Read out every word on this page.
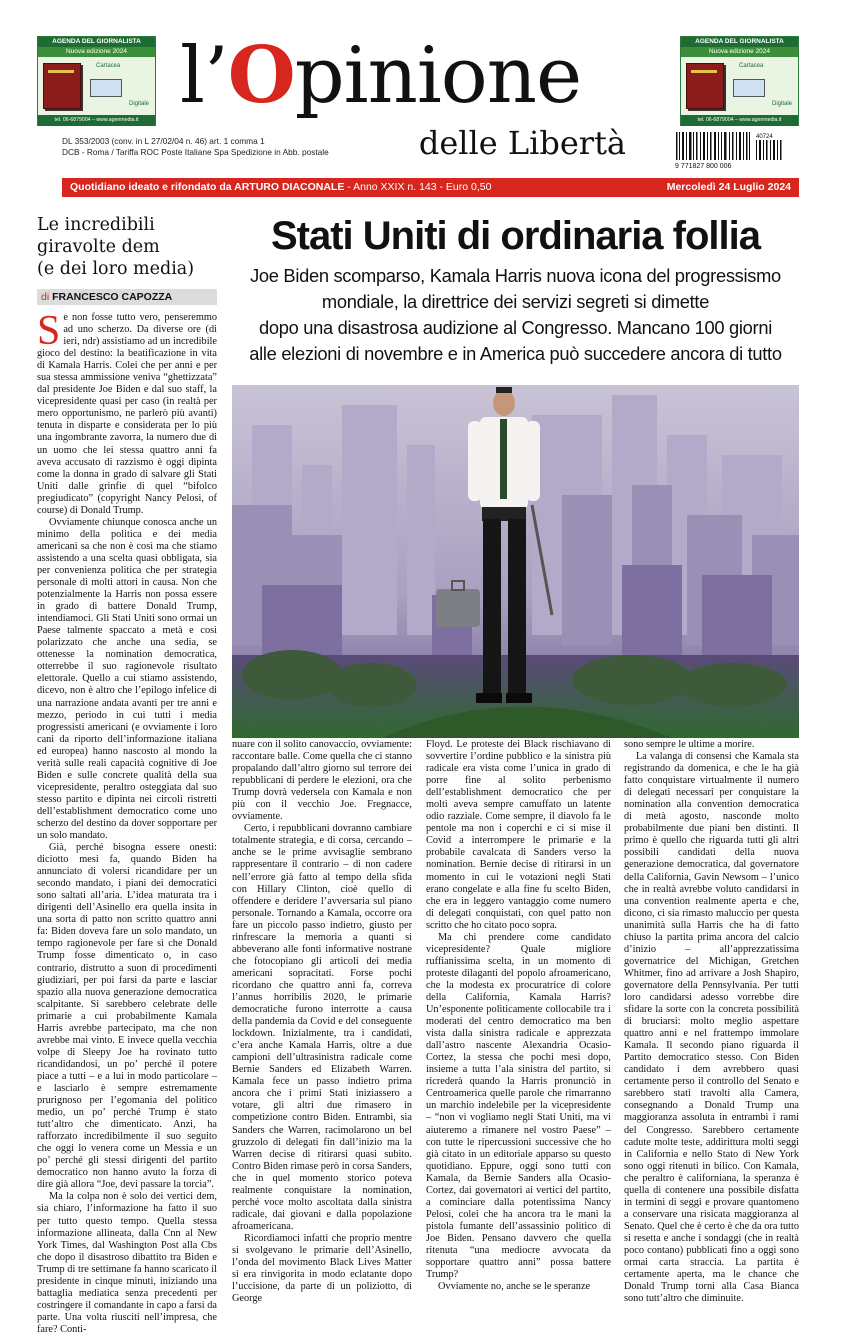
AGENDA DEL GIORNALISTA
Nuova edizione 2024
Cartacea
Digitale
tel. 06-6879004 – www.agenmedia.it
AGENDA DEL GIORNALISTA
Nuova edizione 2024
Cartacea
Digitale
tel. 06-6879004 – www.agenmedia.it
l’Opinione
delle Libertà
DL 353/2003 (conv. in L 27/02/04 n. 46) art. 1 comma 1
DCB - Roma / Tariffa ROC Poste Italiane Spa Spedizione in Abb. postale
9 771827 800 006
40724
Quotidiano ideato e rifondato da ARTURO DIACONALE - Anno XXIX n. 143 - Euro 0,50	Mercoledì 24 Luglio 2024
Le incredibili
giravolte dem
(e dei loro media)
di FRANCESCO CAPOZZA

Se non fosse tutto vero, penseremmo ad uno scherzo. Da diverse ore (di ieri, ndr) assistiamo ad un incredibile gioco del destino: la beatificazione in vita di Kamala Harris. Colei che per anni e per sua stessa ammissione veniva “ghettizzata” dal presidente Joe Biden e dal suo staff, la vicepresidente quasi per caso (in realtà per mero opportunismo, ne parlerò più avanti) tenuta in disparte e considerata per lo più una ingombrante zavorra, la numero due di un uomo che lei stessa quattro anni fa aveva accusato di razzismo è oggi dipinta come la donna in grado di salvare gli Stati Uniti dalle grinfie di quel “bifolco pregiudicato” (copyright Nancy Pelosi, of course) di Donald Trump.

Ovviamente chiunque conosca anche un minimo della politica e dei media americani sa che non è così ma che stiamo assistendo a una scelta quasi obbligata, sia per convenienza politica che per strategia personale di molti attori in causa. Non che potenzialmente la Harris non possa essere in grado di battere Donald Trump, intendiamoci. Gli Stati Uniti sono ormai un Paese talmente spaccato a metà e così polarizzato che anche una sedia, se ottenesse la nomination democratica, otterrebbe il suo ragionevole risultato elettorale. Quello a cui stiamo assistendo, dicevo, non è altro che l’epilogo infelice di una narrazione andata avanti per tre anni e mezzo, periodo in cui tutti i media progressisti americani (e ovviamente i loro cani da riporto dell’informazione italiana ed europea) hanno nascosto al mondo la verità sulle reali capacità cognitive di Joe Biden e sulle concrete qualità della sua vicepresidente, peraltro osteggiata dal suo stesso partito e dipinta nei circoli ristretti dell’establishment democratico come uno scherzo del destino da dover sopportare per un solo mandato.

Già, perché bisogna essere onesti: diciotto mesi fa, quando Biden ha annunciato di volersi ricandidare per un secondo mandato, i piani dei democratici sono saltati all’aria. L’idea maturata tra i dirigenti dell’Asinello era quella insita in una sorta di patto non scritto quattro anni fa: Biden doveva fare un solo mandato, un tempo ragionevole per fare sì che Donald Trump fosse dimenticato o, in caso contrario, distrutto a suon di procedimenti giudiziari, per poi farsi da parte e lasciar spazio alla nuova generazione democratica scalpitante. Si sarebbero celebrate delle primarie a cui probabilmente Kamala Harris avrebbe partecipato, ma che non avrebbe mai vinto. E invece quella vecchia volpe di Sleepy Joe ha rovinato tutto ricandidandosi, un po’ perché il potere piace a tutti – e a lui in modo particolare – e lasciarlo è sempre estremamente prurignoso per l’egomania del politico medio, un po’ perché Trump è stato tutt’altro che dimenticato. Anzi, ha rafforzato incredibilmente il suo seguito che oggi lo venera come un Messia e un po’ perché gli stessi dirigenti del partito democratico non hanno avuto la forza di dire già allora “Joe, devi passare la torcia”.

Ma la colpa non è solo dei vertici dem, sia chiaro, l’informazione ha fatto il suo per tutto questo tempo. Quella stessa informazione allineata, dalla Cnn al New York Times, dal Washington Post alla Cbs che dopo il disastroso dibattito tra Biden e Trump di tre settimane fa hanno scaricato il presidente in cinque minuti, iniziando una battaglia mediatica senza precedenti per costringere il comandante in capo a farsi da parte. Una volta riusciti nell’impresa, che fare? Conti-

Stati Uniti di ordinaria follia
Joe Biden scomparso, Kamala Harris nuova icona del progressismo
mondiale, la direttrice dei servizi segreti si dimette
dopo una disastrosa audizione al Congresso. Mancano 100 giorni
alle elezioni di novembre e in America può succedere ancora di tutto

sono sempre le ultime a morire.

La valanga di consensi che Kamala sta registrando da domenica, e che le ha già fatto conquistare virtualmente il numero di delegati necessari per conquistare la nomination alla convention democratica di metà agosto, nasconde molto probabilmente due piani ben distinti. Il primo è quello che riguarda tutti gli altri possibili candidati della nuova generazione democratica, dal governatore della California, Gavin Newsom – l’unico che in realtà avrebbe voluto candidarsi in una convention realmente aperta e che, dicono, ci sia rimasto maluccio per questa unanimità sulla Harris che ha di fatto chiuso la partita prima ancora del calcio d’inizio – all’apprezzatissima governatrice del Michigan, Gretchen Whitmer, fino ad arrivare a Josh Shapiro, governatore della Pennsylvania. Per tutti loro candidarsi adesso vorrebbe dire sfidare la sorte con la concreta possibilità di bruciarsi: molto meglio aspettare quattro anni e nel frattempo immolare Kamala. Il secondo piano riguarda il Partito democratico stesso. Con Biden candidato i dem avrebbero quasi certamente perso il controllo del Senato e sarebbero stati travolti alla Camera, consegnando a Donald Trump una maggioranza assoluta in entrambi i rami del Congresso. Sarebbero certamente cadute molte teste, addirittura molti seggi in California e nello Stato di New York sono oggi ritenuti in bilico. Con Kamala, che peraltro è californiana, la speranza è quella di contenere una possibile disfatta in termini di seggi e provare quantomeno a conservare una risicata maggioranza al Senato. Quel che è certo è che da ora tutto si resetta e anche i sondaggi (che in realtà poco contano) pubblicati fino a oggi sono ormai carta straccia. La partita è certamente aperta, ma le chance che Donald Trump torni alla Casa Bianca sono tutt’altro che diminuite.

nuare con il solito canovaccio, ovviamente: raccontare balle. Come quella che ci stanno propalando dall’altro giorno sul terrore dei repubblicani di perdere le elezioni, ora che Trump dovrà vedersela con Kamala e non più con il vecchio Joe. Fregnacce, ovviamente.

Certo, i repubblicani dovranno cambiare totalmente strategia, e di corsa, cercando – anche se le prime avvisaglie sembrano rappresentare il contrario – di non cadere nell’errore già fatto al tempo della sfida con Hillary Clinton, cioè quello di offendere e deridere l’avversaria sul piano personale. Tornando a Kamala, occorre ora fare un piccolo passo indietro, giusto per rinfrescare la memoria a quanti si abbeverano alle fonti informative nostrane che fotocopiano gli articoli dei media americani sopracitati. Forse pochi ricordano che quattro anni fa, correva l’annus horribilis 2020, le primarie democratiche furono interrotte a causa della pandemia da Covid e del conseguente lockdown. Inizialmente, tra i candidati, c’era anche Kamala Harris, oltre a due campioni dell’ultrasinistra radicale come Bernie Sanders ed Elizabeth Warren. Kamala fece un passo indietro prima ancora che i primi Stati iniziassero a votare, gli altri due rimasero in competizione contro Biden. Entrambi, sia Sanders che Warren, racimolarono un bel gruzzolo di delegati fin dall’inizio ma la Warren decise di ritirarsi quasi subito. Contro Biden rimase però in corsa Sanders, che in quel momento storico poteva realmente conquistare la nomination, perché voce molto ascoltata dalla sinistra radicale, dai giovani e dalla popolazione afroamericana.

Ricordiamoci infatti che proprio mentre si svolgevano le primarie dell’Asinello, l’onda del movimento Black Lives Matter si era rinvigorita in modo eclatante dopo l’uccisione, da parte di un poliziotto, di George

Floyd. Le proteste dei Black rischiavano di sovvertire l’ordine pubblico e la sinistra più radicale era vista come l’unica in grado di porre fine al solito perbenismo dell’establishment democratico che per molti aveva sempre camuffato un latente odio razziale. Come sempre, il diavolo fa le pentole ma non i coperchi e ci si mise il Covid a interrompere le primarie e la probabile cavalcata di Sanders verso la nomination. Bernie decise di ritirarsi in un momento in cui le votazioni negli Stati erano congelate e alla fine fu scelto Biden, che era in leggero vantaggio come numero di delegati conquistati, con quel patto non scritto che ho citato poco sopra.

Ma chi prendere come candidato vicepresidente? Quale migliore ruffianissima scelta, in un momento di proteste dilaganti del popolo afroamericano, che la modesta ex procuratrice di colore della California, Kamala Harris? Un’esponente politicamente collocabile tra i moderati del centro democratico ma ben vista dalla sinistra radicale e apprezzata dall’astro nascente Alexandria Ocasio-Cortez, la stessa che pochi mesi dopo, insieme a tutta l’ala sinistra del partito, si ricrederà quando la Harris pronunciò in Centroamerica quelle parole che rimarranno un marchio indelebile per la vicepresidente – “non vi vogliamo negli Stati Uniti, ma vi aiuteremo a rimanere nel vostro Paese” – con tutte le ripercussioni successive che ho già citato in un editoriale apparso su questo quotidiano. Eppure, oggi sono tutti con Kamala, da Bernie Sanders alla Ocasio-Cortez, dai governatori ai vertici del partito, a cominciare dalla potentissima Nancy Pelosi, colei che ha ancora tra le mani la pistola fumante dell’assassinio politico di Joe Biden. Pensano davvero che quella ritenuta “una mediocre avvocata da sopportare quattro anni” possa battere Trump?

Ovviamente no, anche se le speranze
